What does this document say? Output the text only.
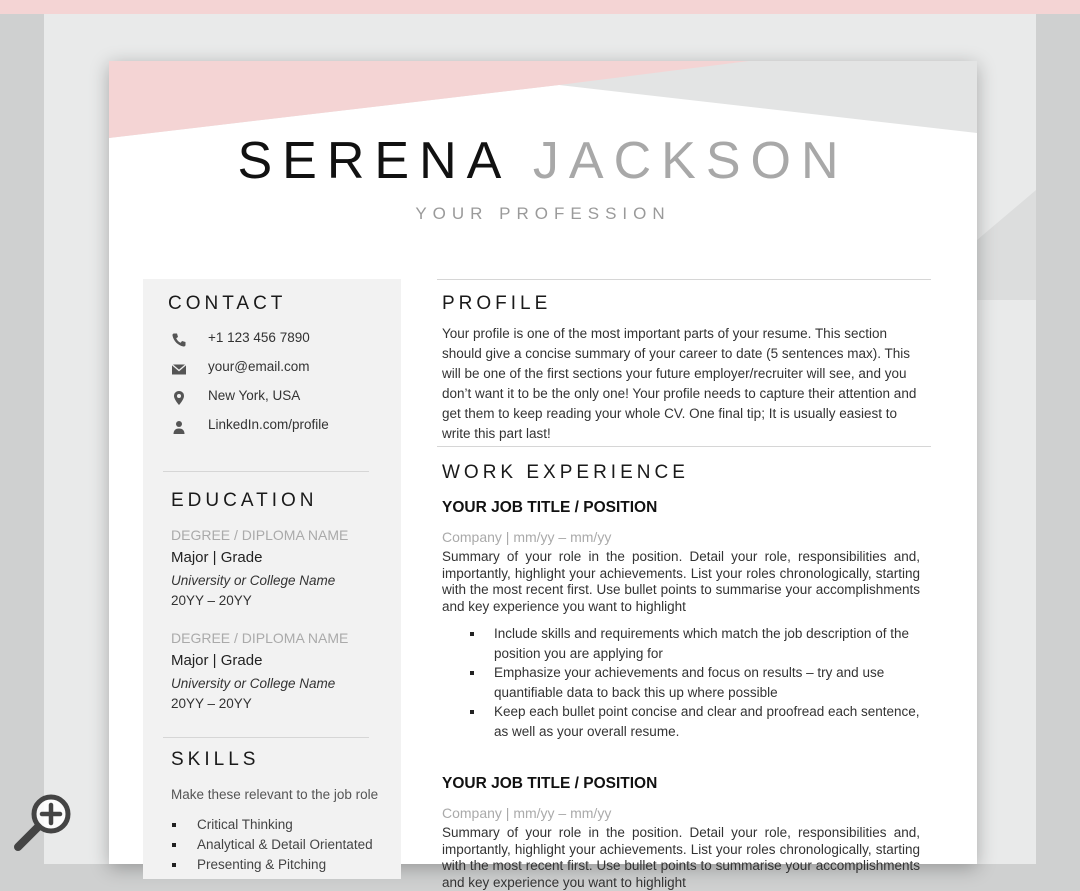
SERENA JACKSON
YOUR PROFESSION
CONTACT
+1 123 456 7890
your@email.com
New York, USA
LinkedIn.com/profile
EDUCATION
DEGREE / DIPLOMA NAME
Major | Grade
University or College Name
20YY – 20YY
DEGREE / DIPLOMA NAME
Major | Grade
University or College Name
20YY – 20YY
SKILLS
Make these relevant to the job role
Critical Thinking
Analytical & Detail Orientated
Presenting & Pitching
PROFILE
Your profile is one of the most important parts of your resume. This section should give a concise summary of your career to date (5 sentences max). This will be one of the first sections your future employer/recruiter will see, and you don’t want it to be the only one! Your profile needs to capture their attention and get them to keep reading your whole CV. One final tip; It is usually easiest to write this part last!
WORK EXPERIENCE
YOUR JOB TITLE / POSITION
Company | mm/yy – mm/yy
Summary of your role in the position. Detail your role, responsibilities and, importantly, highlight your achievements. List your roles chronologically, starting with the most recent first. Use bullet points to summarise your accomplishments and key experience you want to highlight
Include skills and requirements which match the job description of the position you are applying for
Emphasize your achievements and focus on results – try and use quantifiable data to back this up where possible
Keep each bullet point concise and clear and proofread each sentence, as well as your overall resume.
YOUR JOB TITLE / POSITION
Company | mm/yy – mm/yy
Summary of your role in the position. Detail your role, responsibilities and, importantly, highlight your achievements. List your roles chronologically, starting with the most recent first. Use bullet points to summarise your accomplishments and key experience you want to highlight
